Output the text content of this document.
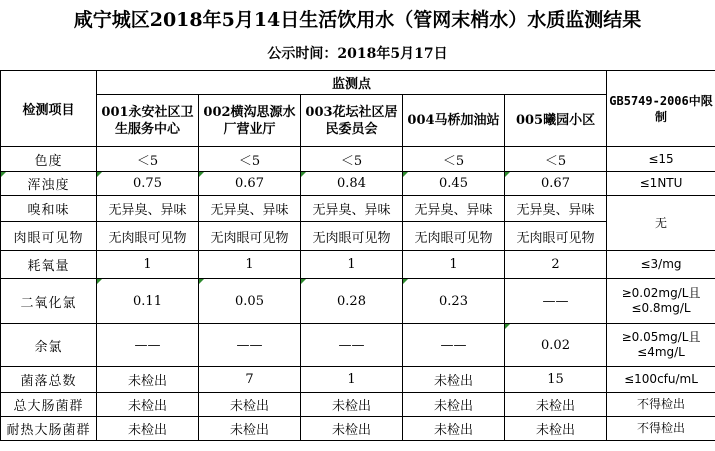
咸宁城区2018年5月14日生活饮用水（管网末梢水）水质监测结果
公示时间：2018年5月17日
检测项目	监测点					GB5749-2006中限制
	001永安社区卫生服务中心	002横沟思源水厂营业厅	003花坛社区居民委员会	004马桥加油站	005曦园小区	
色度	＜5	＜5	＜5	＜5	＜5	≤15
浑浊度	0.75	0.67	0.84	0.45	0.67	≤1NTU
嗅和味	无异臭、异味	无异臭、异味	无异臭、异味	无异臭、异味	无异臭、异味	无
肉眼可见物	无肉眼可见物	无肉眼可见物	无肉眼可见物	无肉眼可见物	无肉眼可见物	
耗氧量	1	1	1	1	2	≤3/mg
二氧化氯	0.11	0.05	0.28	0.23	——	≥0.02mg/L且≤0.8mg/L
余氯	——	——	——	——	0.02	≥0.05mg/L且≤4mg/L
菌落总数	未检出	7	1	未检出	15	≤100cfu/mL
总大肠菌群	未检出	未检出	未检出	未检出	未检出	不得检出
耐热大肠菌群	未检出	未检出	未检出	未检出	未检出	不得检出
